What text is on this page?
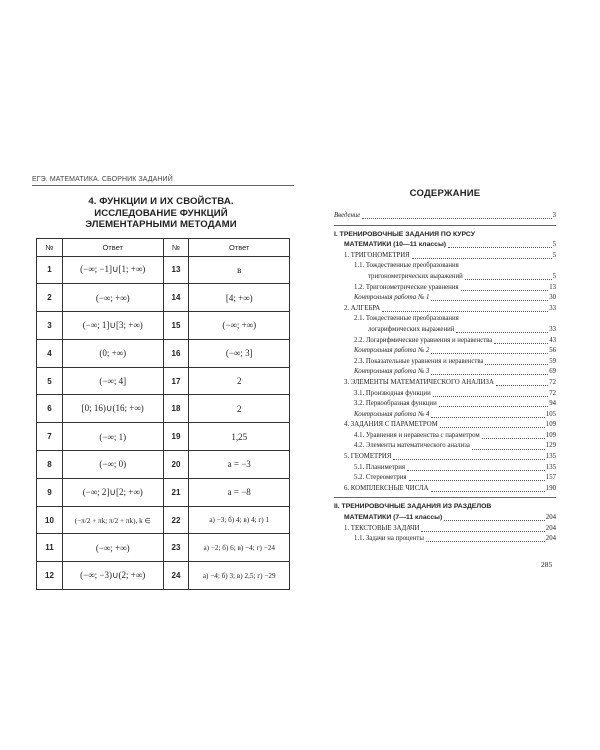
ЕГЭ. МАТЕМАТИКА. СБОРНИК ЗАДАНИЙ
4. ФУНКЦИИ И ИХ СВОЙСТВА.
ИССЛЕДОВАНИЕ ФУНКЦИЙ
ЭЛЕМЕНТАРНЫМИ МЕТОДАМИ
№	Ответ	№	Ответ
1	(−∞; −1]∪[1; +∞)	13	в
2	(−∞; +∞)	14	[4; +∞)
3	(−∞; 1]∪[3; +∞)	15	(−∞; +∞)
4	(0; +∞)	16	(−∞; 3]
5	(−∞; 4]	17	2
6	[0; 16)∪(16; +∞)	18	2
7	(−∞; 1)	19	1,25
8	(−∞; 0)	20	a = −3
9	(−∞; 2]∪[2; +∞)	21	a = −8
10	(−π/2 + πk; π/2 + πk), k ∈	22	а) −3; б) 4; в) 4; г) 1
11	(−∞; +∞)	23	а) −2; б) 6; в) −4; г) −24
12	(−∞; −3)∪(2; +∞)	24	а) −4; б) 3; в) 2,5; г) −29
СОДЕРЖАНИЕ
Введение	3
I. ТРЕНИРОВОЧНЫЕ ЗАДАНИЯ ПО КУРСУ
МАТЕМАТИКИ (10—11 классы)	5
1. ТРИГОНОМЕТРИЯ	5
1.1. Тождественные преобразования
тригонометрических выражений	5
1.2. Тригонометрические уравнения	13
Контрольная работа № 1	30
2. АЛГЕБРА	33
2.1. Тождественные преобразования
логарифмических выражений	33
2.2. Логарифмические уравнения и неравенства	43
Контрольная работа № 2	56
2.3. Показательные уравнения и неравенства	59
Контрольная работа № 3	69
3. ЭЛЕМЕНТЫ МАТЕМАТИЧЕСКОГО АНАЛИЗА	72
3.1. Производная функции	72
3.2. Первообразная функции	94
Контрольная работа № 4	105
4. ЗАДАНИЯ С ПАРАМЕТРОМ	109
4.1. Уравнения и неравенства с параметром	109
4.2. Элементы математического анализа	129
5. ГЕОМЕТРИЯ	135
5.1. Планиметрия	135
5.2. Стереометрия	157
6. КОМПЛЕКСНЫЕ ЧИСЛА	190
II. ТРЕНИРОВОЧНЫЕ ЗАДАНИЯ ИЗ РАЗДЕЛОВ
МАТЕМАТИКИ (7—11 классы)	204
1. ТЕКСТОВЫЕ ЗАДАЧИ	204
1.1. Задачи на проценты	204
285
